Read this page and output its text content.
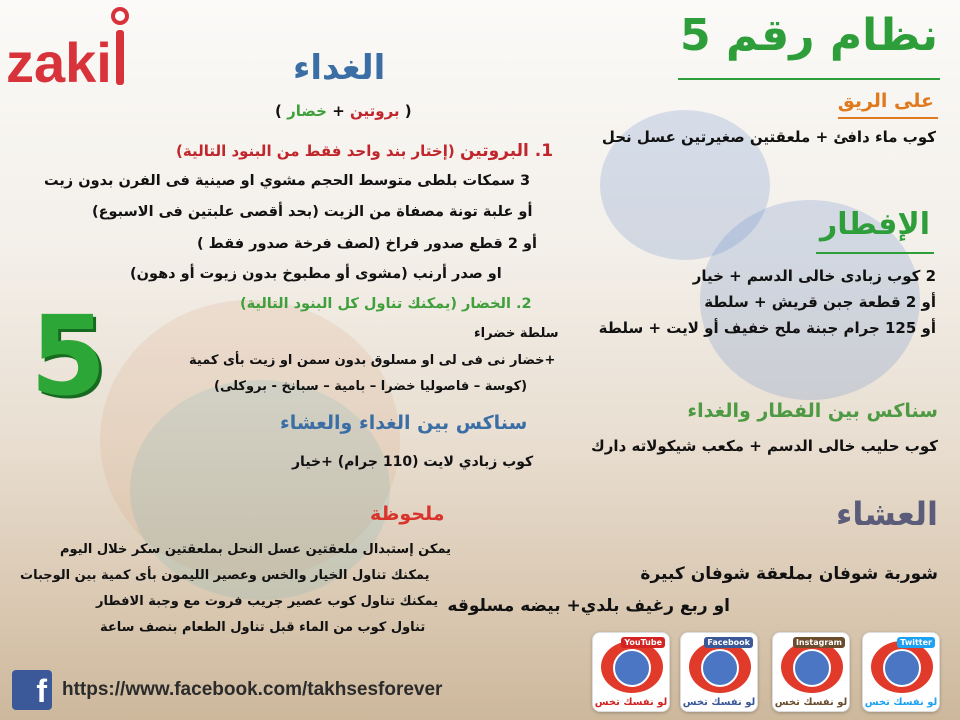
zaki	نظام رقم 5
5
على الريق
كوب ماء دافئ + ملعقتين صغيرتين عسل نحل
الإفطار
2 كوب زبادى خالى الدسم + خيار
أو 2 قطعة جبن قريش + سلطة
أو 125 جرام جبنة ملح خفيف أو لايت + سلطة
سناكس بين الفطار والغداء
كوب حليب خالى الدسم + مكعب شيكولاته دارك
العشاء
شوربة شوفان بملعقة شوفان كبيرة
او ربع رغيف بلدي+ بيضه مسلوقه
الغداء
( بروتين + خضار )
1. البروتين (إختار بند واحد فقط من البنود التالية)
3 سمكات بلطى متوسط الحجم مشوي او صينية فى الفرن بدون زيت
أو علبة تونة مصفاة من الزيت (بحد أقصى علبتين فى الاسبوع)
أو 2 قطع صدور فراخ (لصف فرخة صدور فقط )
او صدر أرنب (مشوى أو مطبوخ بدون زيوت أو دهون)
2. الخضار (يمكنك تناول كل البنود التالية)
سلطة خضراء
+خضار نى فى لى او مسلوق بدون سمن او زيت بأى كمية
(كوسة – فاصوليا خضرا – بامية – سبانخ - بروكلى)
سناكس بين الغداء والعشاء
كوب زبادي لايت (110 جرام) +خيار
ملحوظة
يمكن إستبدال ملعقتين عسل النحل بملعقتين سكر خلال اليوم
يمكنك تناول الخيار والخس وعصير الليمون بأى كمية بين الوجبات
يمكنك تناول كوب عصير جريب فروت مع وجبة الافطار
تناول كوب من الماء قبل تناول الطعام بنصف ساعة
f https://www.facebook.com/takhsesforever
YouTube
لو نفسك تخس
Facebook
لو نفسك تخس
Instagram
لو نفسك تخس
Twitter
لو نفسك تخس
